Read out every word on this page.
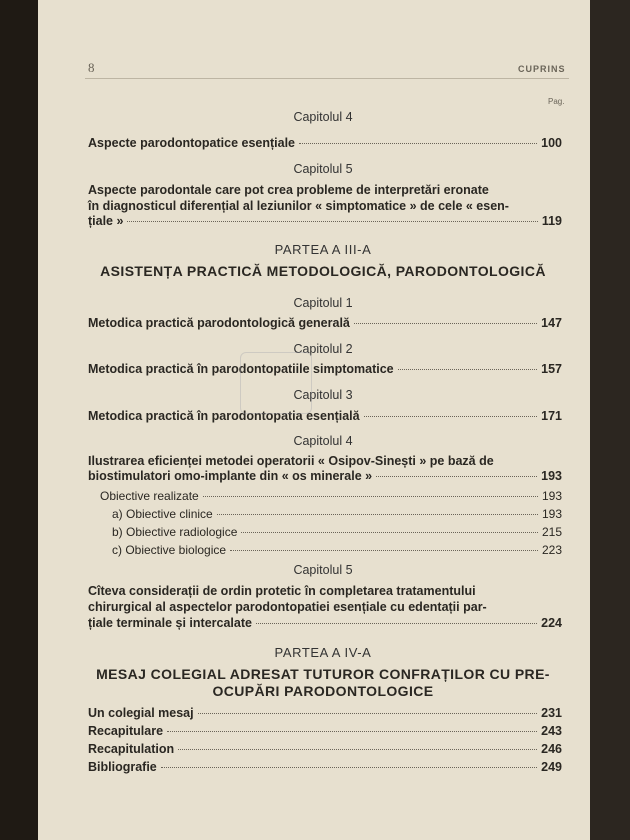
8	CUPRINS
Pag.
Capitolul 4
Aspecte parodontopatice esențiale	100
Capitolul 5
Aspecte parodontale care pot crea probleme de interpretări eronate
în diagnosticul diferențial al leziunilor « simptomatice » de cele « esen-
țiale »	119
PARTEA A III-A
ASISTENȚA PRACTICĂ METODOLOGICĂ, PARODONTOLOGICĂ
Capitolul 1
Metodica practică parodontologică generală	147
Capitolul 2
Metodica practică în parodontopatiile simptomatice	157
Capitolul 3
Metodica practică în parodontopatia esențială	171
Capitolul 4
Ilustrarea eficienței metodei operatorii « Osipov-Sinești » pe bază de
biostimulatori omo-implante din « os minerale »	193
Obiective realizate	193
a) Obiective clinice	193
b) Obiective radiologice	215
c) Obiective biologice	223
Capitolul 5
Cîteva considerații de ordin protetic în completarea tratamentului
chirurgical al aspectelor parodontopatiei esențiale cu edentații par-
țiale terminale și intercalate	224
PARTEA A IV-A
MESAJ COLEGIAL ADRESAT TUTUROR CONFRAȚILOR CU PRE-
OCUPĂRI PARODONTOLOGICE
Un colegial mesaj	231
Recapitulare	243
Recapitulation	246
Bibliografie	249
